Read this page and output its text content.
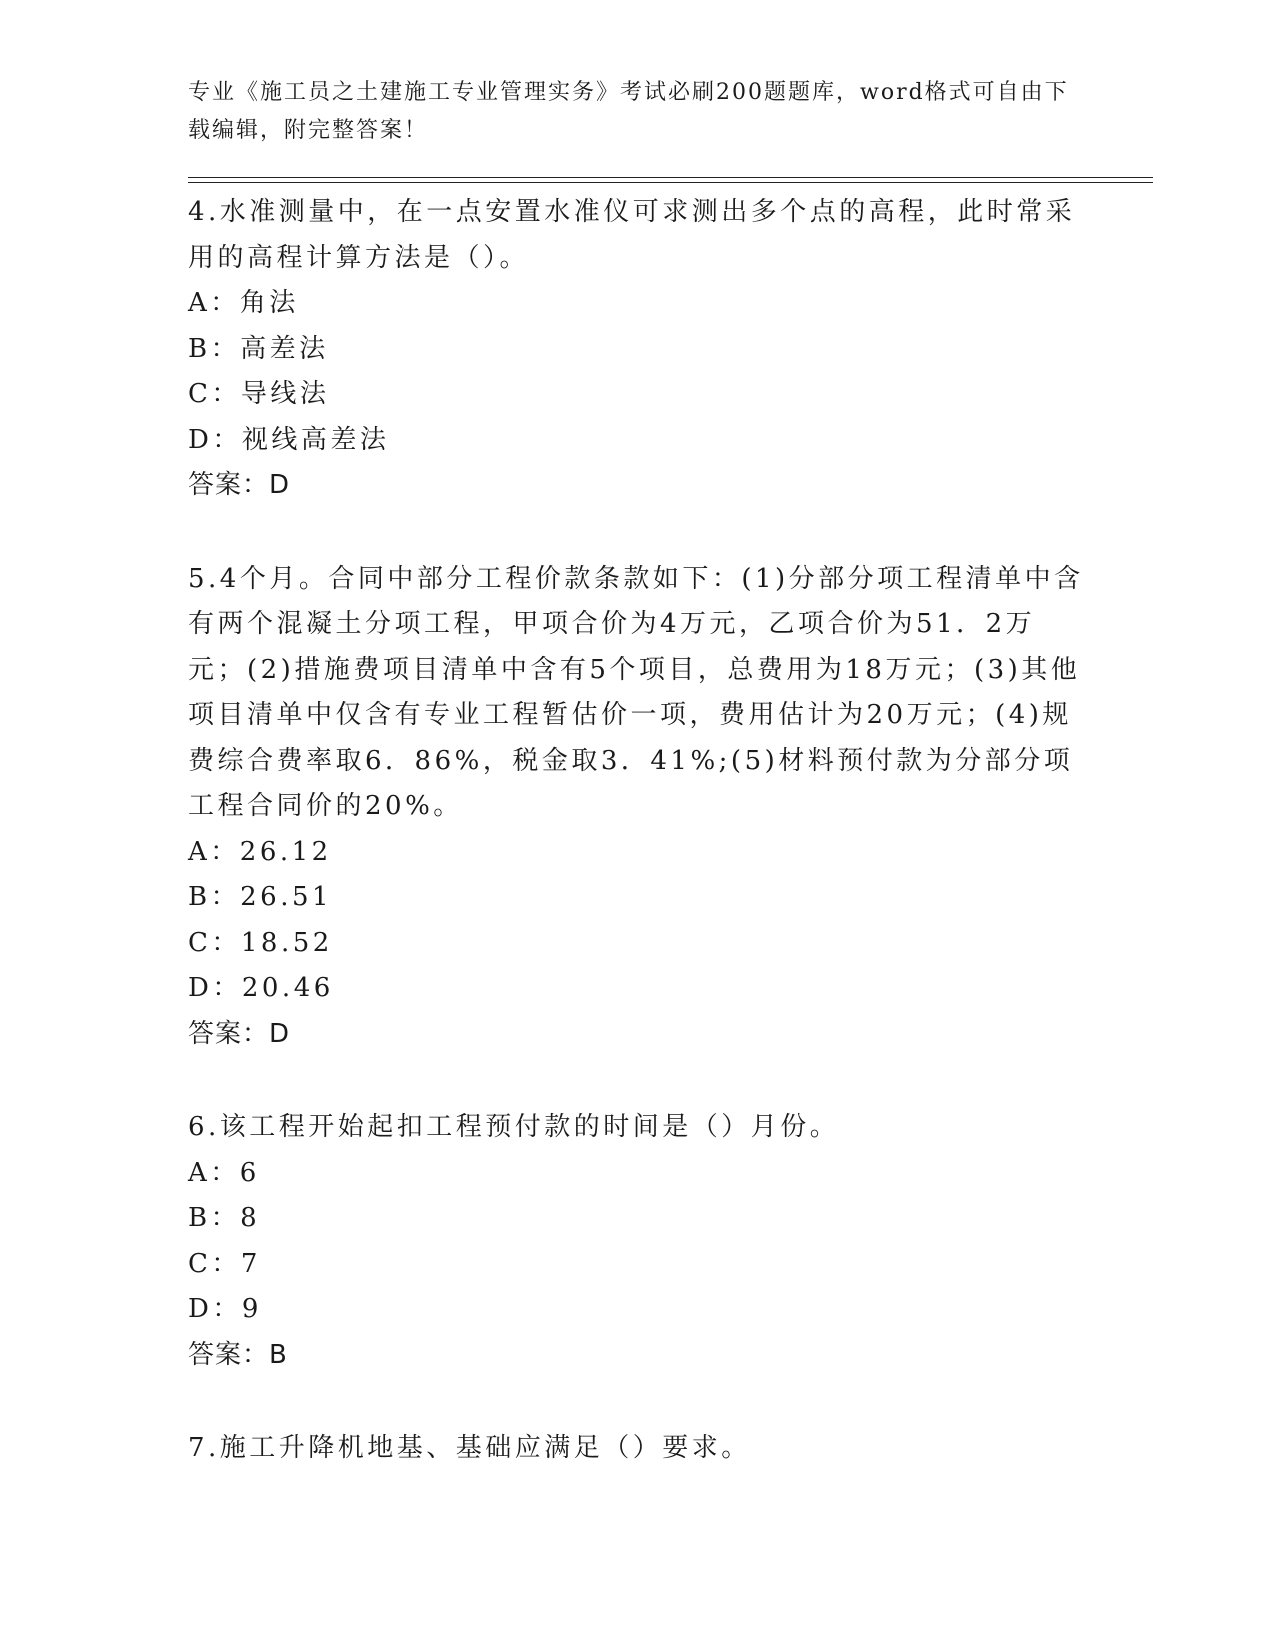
专业《施工员之土建施工专业管理实务》考试必刷200题题库，word格式可自由下载编辑，附完整答案！

4.水准测量中，在一点安置水准仪可求测出多个点的高程，此时常采用的高程计算方法是（）。

A：角法

B：高差法

C：导线法

D：视线高差法

答案：D

5.4个月。合同中部分工程价款条款如下：(1)分部分项工程清单中含有两个混凝土分项工程，甲项合价为4万元，乙项合价为51．2万元；(2)措施费项目清单中含有5个项目，总费用为18万元；(3)其他项目清单中仅含有专业工程暂估价一项，费用估计为20万元；(4)规费综合费率取6．86%，税金取3．41%;(5)材料预付款为分部分项工程合同价的20%。

A：26.12

B：26.51

C：18.52

D：20.46

答案：D

6.该工程开始起扣工程预付款的时间是（）月份。

A：6

B：8

C：7

D：9

答案：B

7.施工升降机地基、基础应满足（）要求。
